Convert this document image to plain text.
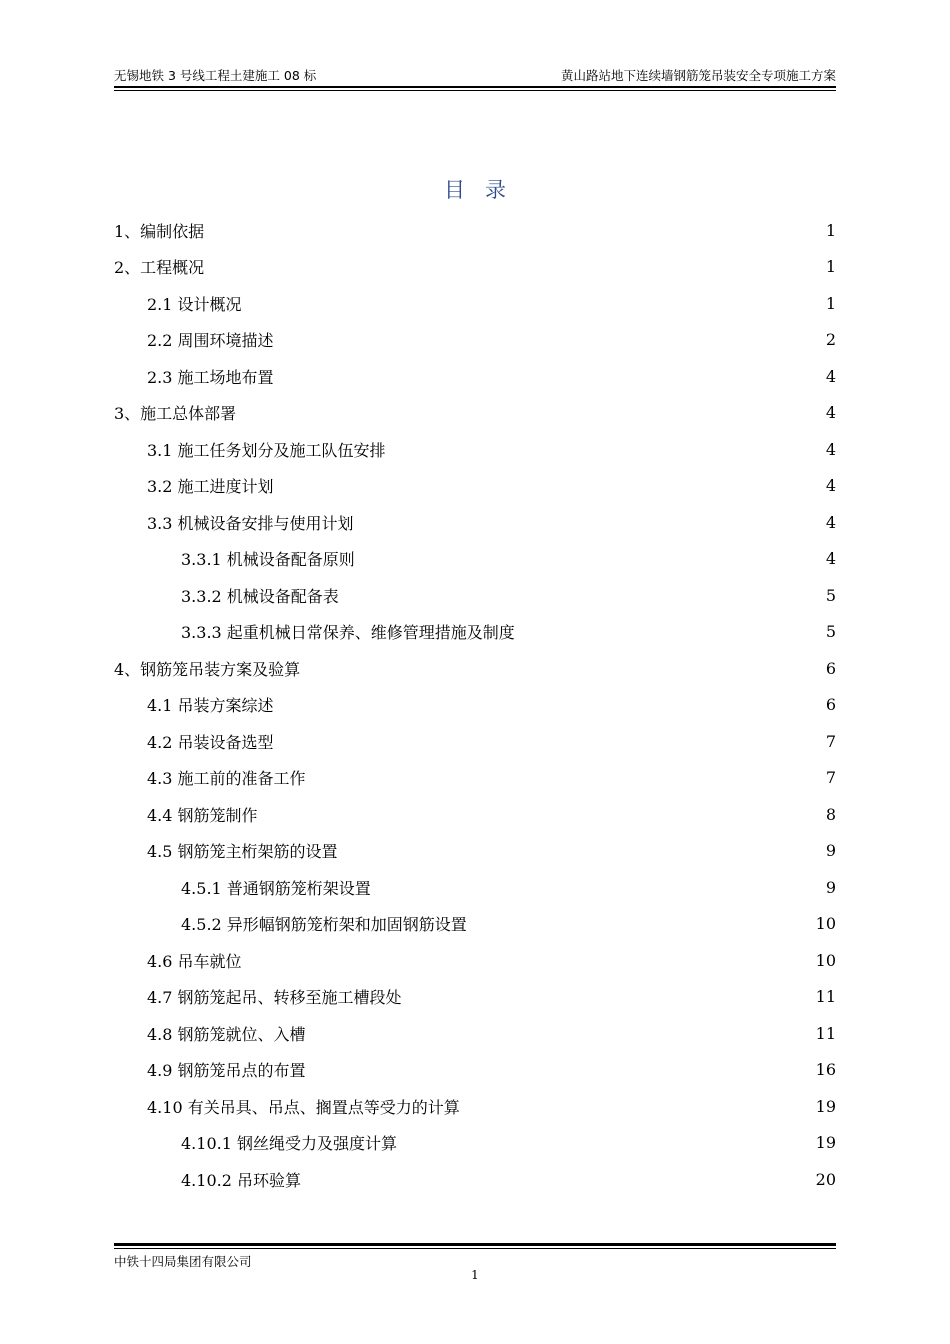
无锡地铁 3 号线工程土建施工 08 标	黄山路站地下连续墙钢筋笼吊装安全专项施工方案
目录
1、编制依据 .....	1
2、工程概况 .....	1
2.1 设计概况 .....	1
2.2 周围环境描述 .....	2
2.3 施工场地布置 .....	4
3、施工总体部署 .....	4
3.1 施工任务划分及施工队伍安排 .....	4
3.2 施工进度计划 .....	4
3.3 机械设备安排与使用计划 .....	4
3.3.1 机械设备配备原则 .....	4
3.3.2 机械设备配备表 .....	5
3.3.3 起重机械日常保养、维修管理措施及制度 .....	5
4、钢筋笼吊装方案及验算 .....	6
4.1 吊装方案综述 .....	6
4.2 吊装设备选型 .....	7
4.3 施工前的准备工作 .....	7
4.4 钢筋笼制作 .....	8
4.5 钢筋笼主桁架筋的设置 .....	9
4.5.1 普通钢筋笼桁架设置 .....	9
4.5.2 异形幅钢筋笼桁架和加固钢筋设置 .....	10
4.6 吊车就位 .....	10
4.7 钢筋笼起吊、转移至施工槽段处 .....	11
4.8 钢筋笼就位、入槽 .....	11
4.9 钢筋笼吊点的布置 .....	16
4.10 有关吊具、吊点、搁置点等受力的计算 .....	19
4.10.1 钢丝绳受力及强度计算 .....	19
4.10.2 吊环验算 .....	20
中铁十四局集团有限公司
1
